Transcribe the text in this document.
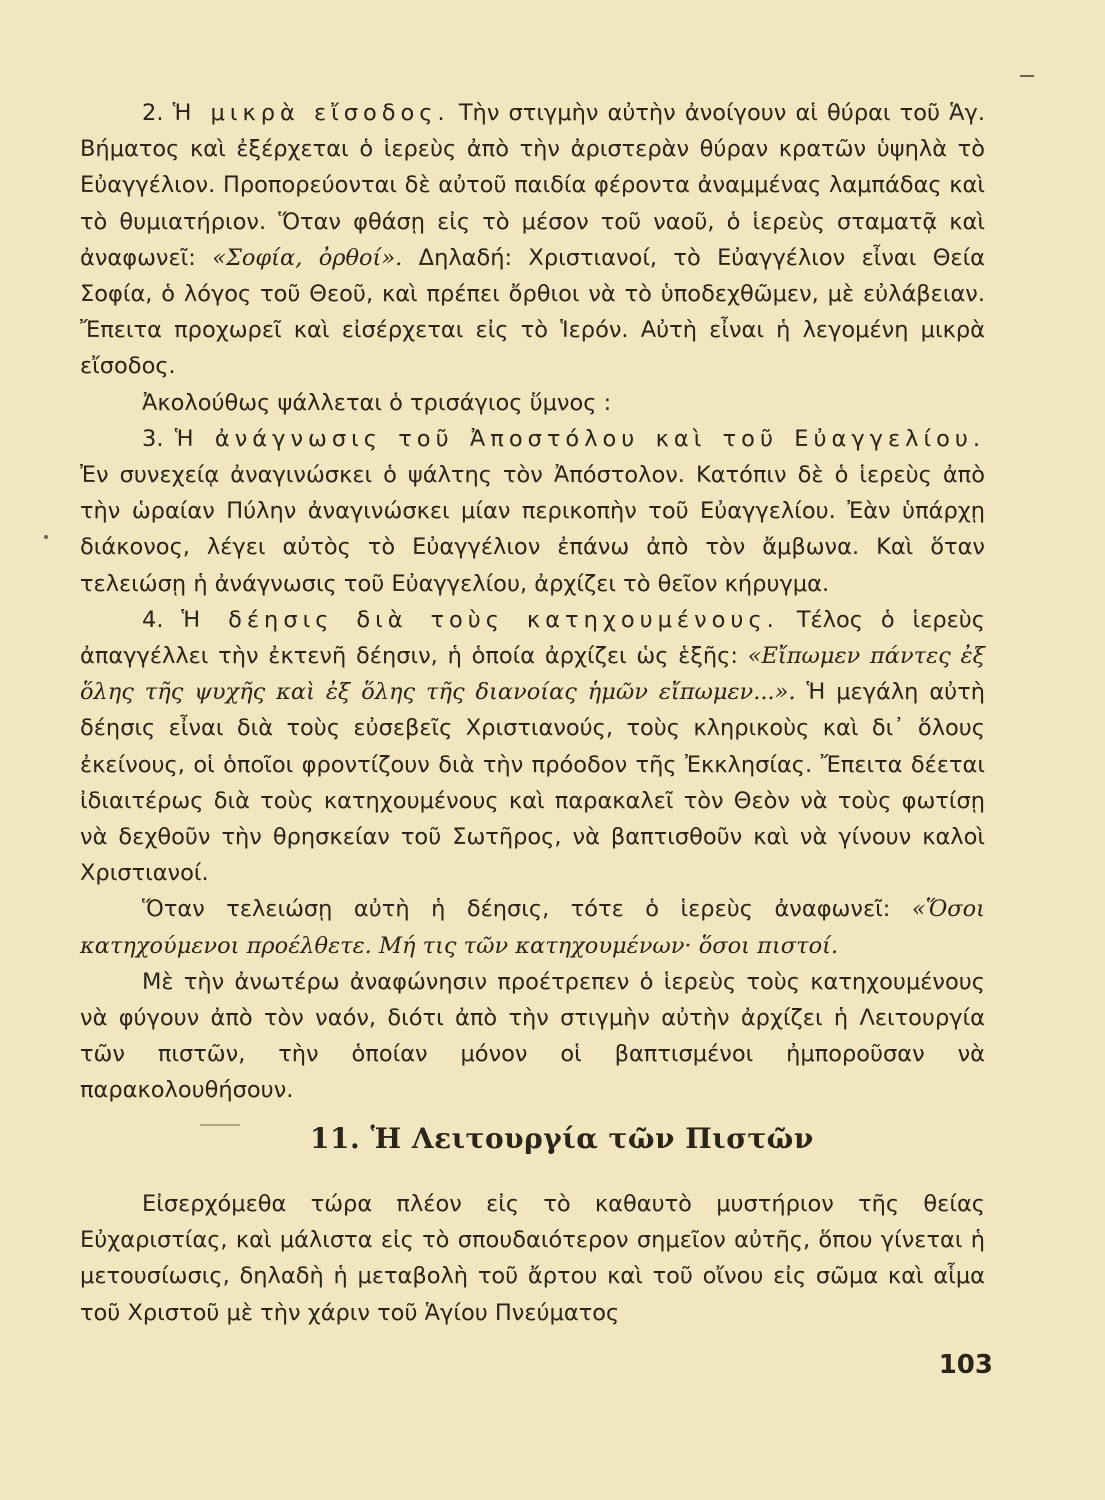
2. Ἡ μικρὰ εἴσοδος. Τὴν στιγμὴν αὐτὴν ἀνοίγουν αἱ θύραι τοῦ Ἁγ. Βήματος καὶ ἐξέρχεται ὁ ἱερεὺς ἀπὸ τὴν ἀριστερὰν θύραν κρατῶν ὑψηλὰ τὸ Εὐαγγέλιον. Προπορεύονται δὲ αὐτοῦ παιδία φέροντα ἀναμμένας λαμπάδας καὶ τὸ θυμιατήριον. Ὅταν φθάσῃ εἰς τὸ μέσον τοῦ ναοῦ, ὁ ἱερεὺς σταματᾷ καὶ ἀναφωνεῖ: «Σοφία, ὀρθοί». Δηλαδή: Χριστιανοί, τὸ Εὐαγγέλιον εἶναι Θεία Σοφία, ὁ λόγος τοῦ Θεοῦ, καὶ πρέπει ὄρθιοι νὰ τὸ ὑποδεχθῶμεν, μὲ εὐλάβειαν. Ἔπειτα προχωρεῖ καὶ εἰσέρχεται εἰς τὸ Ἱερόν. Αὐτὴ εἶναι ἡ λεγομένη μικρὰ εἴσοδος.

Ἀκολούθως ψάλλεται ὁ τρισάγιος ὕμνος :

3. Ἡ ἀνάγνωσις τοῦ Ἀποστόλου καὶ τοῦ Εὐαγγελίου. Ἐν συνεχείᾳ ἀναγινώσκει ὁ ψάλτης τὸν Ἀπόστολον. Κατόπιν δὲ ὁ ἱερεὺς ἀπὸ τὴν ὡραίαν Πύλην ἀναγινώσκει μίαν περικοπὴν τοῦ Εὐαγγελίου. Ἐὰν ὑπάρχῃ διάκονος, λέγει αὐτὸς τὸ Εὐαγγέλιον ἐπάνω ἀπὸ τὸν ἄμβωνα. Καὶ ὅταν τελειώσῃ ἡ ἀνάγνωσις τοῦ Εὐαγγελίου, ἀρχίζει τὸ θεῖον κήρυγμα.

4. Ἡ δέησις διὰ τοὺς κατηχουμένους. Τέλος ὁ ἱερεὺς ἀπαγγέλλει τὴν ἐκτενῆ δέησιν, ἡ ὁποία ἀρχίζει ὡς ἑξῆς: «Εἴπωμεν πάντες ἐξ ὅλης τῆς ψυχῆς καὶ ἐξ ὅλης τῆς διανοίας ἡμῶν εἴπωμεν...». Ἡ μεγάλη αὐτὴ δέησις εἶναι διὰ τοὺς εὐσεβεῖς Χριστιανούς, τοὺς κληρικοὺς καὶ δι᾿ ὅλους ἐκείνους, οἱ ὁποῖοι φροντίζουν διὰ τὴν πρόοδον τῆς Ἐκκλησίας. Ἔπειτα δέεται ἰδιαιτέρως διὰ τοὺς κατηχουμένους καὶ παρακαλεῖ τὸν Θεὸν νὰ τοὺς φωτίσῃ νὰ δεχθοῦν τὴν θρησκείαν τοῦ Σωτῆρος, νὰ βαπτισθοῦν καὶ νὰ γίνουν καλοὶ Χριστιανοί.

Ὅταν τελειώσῃ αὐτὴ ἡ δέησις, τότε ὁ ἱερεὺς ἀναφωνεῖ: «Ὅσοι κατηχούμενοι προέλθετε. Μή τις τῶν κατηχουμένων· ὅσοι πιστοί.

Μὲ τὴν ἀνωτέρω ἀναφώνησιν προέτρεπεν ὁ ἱερεὺς τοὺς κατηχουμένους νὰ φύγουν ἀπὸ τὸν ναόν, διότι ἀπὸ τὴν στιγμὴν αὐτὴν ἀρχίζει ἡ Λειτουργία τῶν πιστῶν, τὴν ὁποίαν μόνον οἱ βαπτισμένοι ἠμποροῦσαν νὰ παρακολουθήσουν.

11. Ἡ Λειτουργία τῶν Πιστῶν

Εἰσερχόμεθα τώρα πλέον εἰς τὸ καθαυτὸ μυστήριον τῆς θείας Εὐχαριστίας, καὶ μάλιστα εἰς τὸ σπουδαιότερον σημεῖον αὐτῆς, ὅπου γίνεται ἡ μετουσίωσις, δηλαδὴ ἡ μεταβολὴ τοῦ ἄρτου καὶ τοῦ οἴνου εἰς σῶμα καὶ αἷμα τοῦ Χριστοῦ μὲ τὴν χάριν τοῦ Ἁγίου Πνεύματος

103
